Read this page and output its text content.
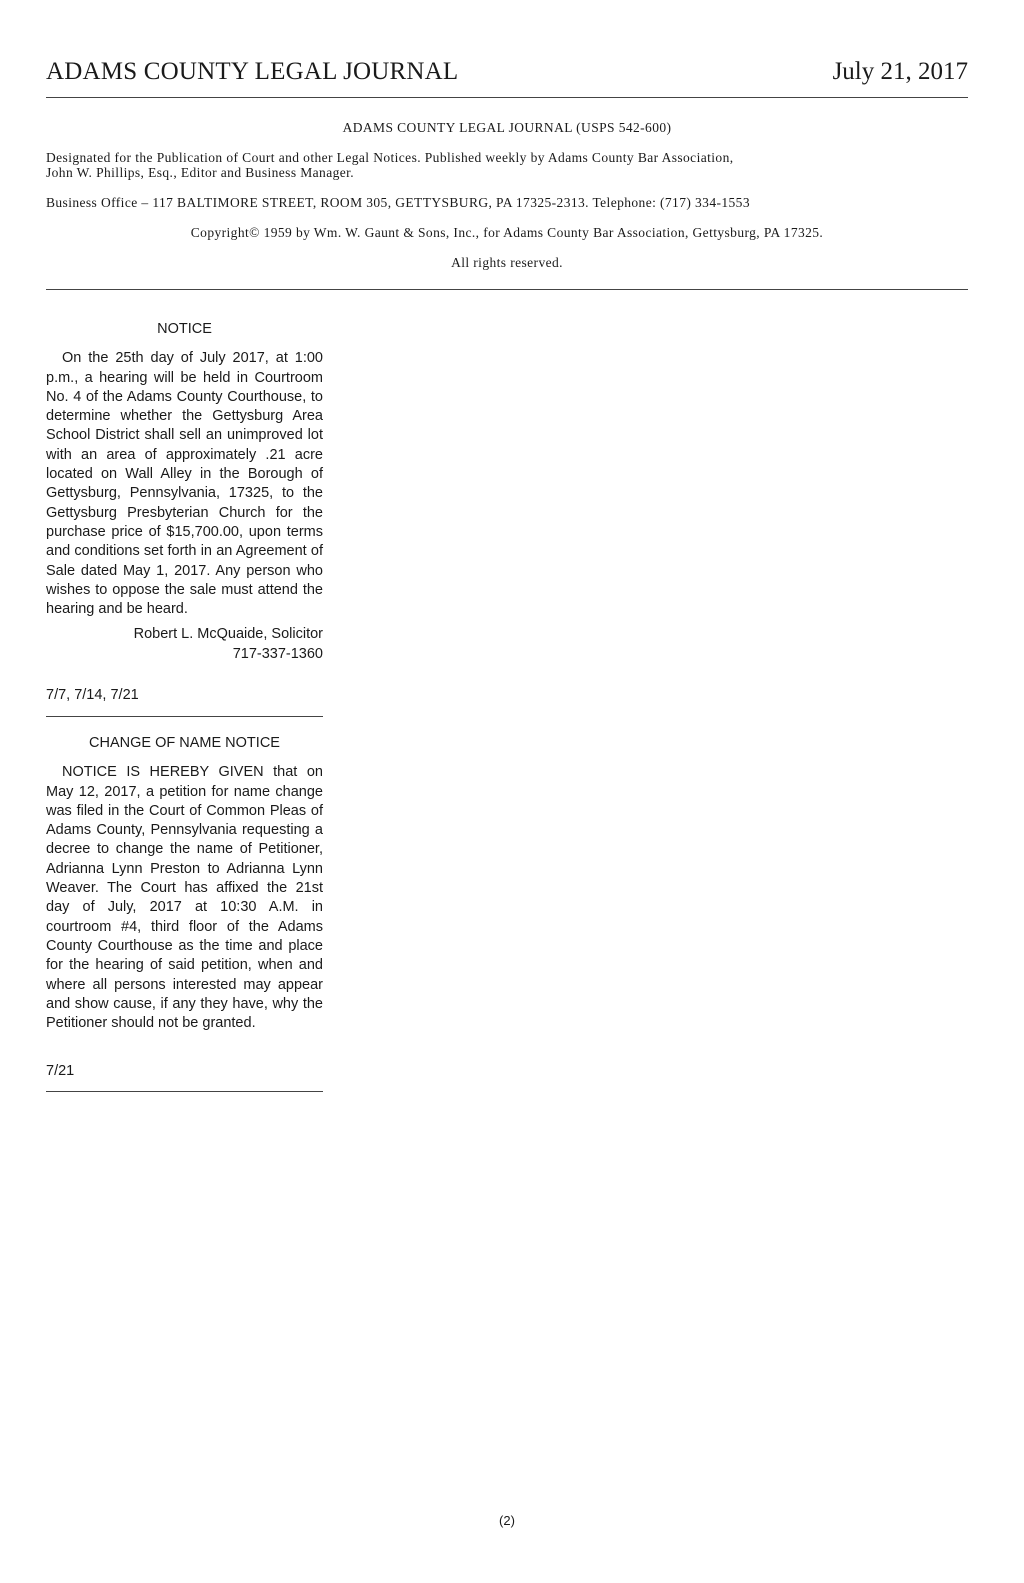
ADAMS COUNTY LEGAL JOURNAL	July 21, 2017
ADAMS COUNTY LEGAL JOURNAL (USPS 542-600)
Designated for the Publication of Court and other Legal Notices. Published weekly by Adams County Bar Association,
John W. Phillips, Esq., Editor and Business Manager.
Business Office – 117 BALTIMORE STREET, ROOM 305, GETTYSBURG, PA 17325-2313. Telephone: (717) 334-1553
Copyright© 1959 by Wm. W. Gaunt & Sons, Inc., for Adams County Bar Association, Gettysburg, PA 17325.
All rights reserved.
NOTICE

On the 25th day of July 2017, at 1:00 p.m., a hearing will be held in Courtroom No. 4 of the Adams County Courthouse, to determine whether the Gettysburg Area School District shall sell an unimproved lot with an area of approximately .21 acre located on Wall Alley in the Borough of Gettysburg, Pennsylvania, 17325, to the Gettysburg Presbyterian Church for the purchase price of $15,700.00, upon terms and conditions set forth in an Agreement of Sale dated May 1, 2017. Any person who wishes to oppose the sale must attend the hearing and be heard.

Robert L. McQuaide, Solicitor
717-337-1360
7/7, 7/14, 7/21
CHANGE OF NAME NOTICE

NOTICE IS HEREBY GIVEN that on May 12, 2017, a petition for name change was filed in the Court of Common Pleas of Adams County, Pennsylvania requesting a decree to change the name of Petitioner, Adrianna Lynn Preston to Adrianna Lynn Weaver. The Court has affixed the 21st day of July, 2017 at 10:30 A.M. in courtroom #4, third floor of the Adams County Courthouse as the time and place for the hearing of said petition, when and where all persons interested may appear and show cause, if any they have, why the Petitioner should not be granted.

7/21
(2)
